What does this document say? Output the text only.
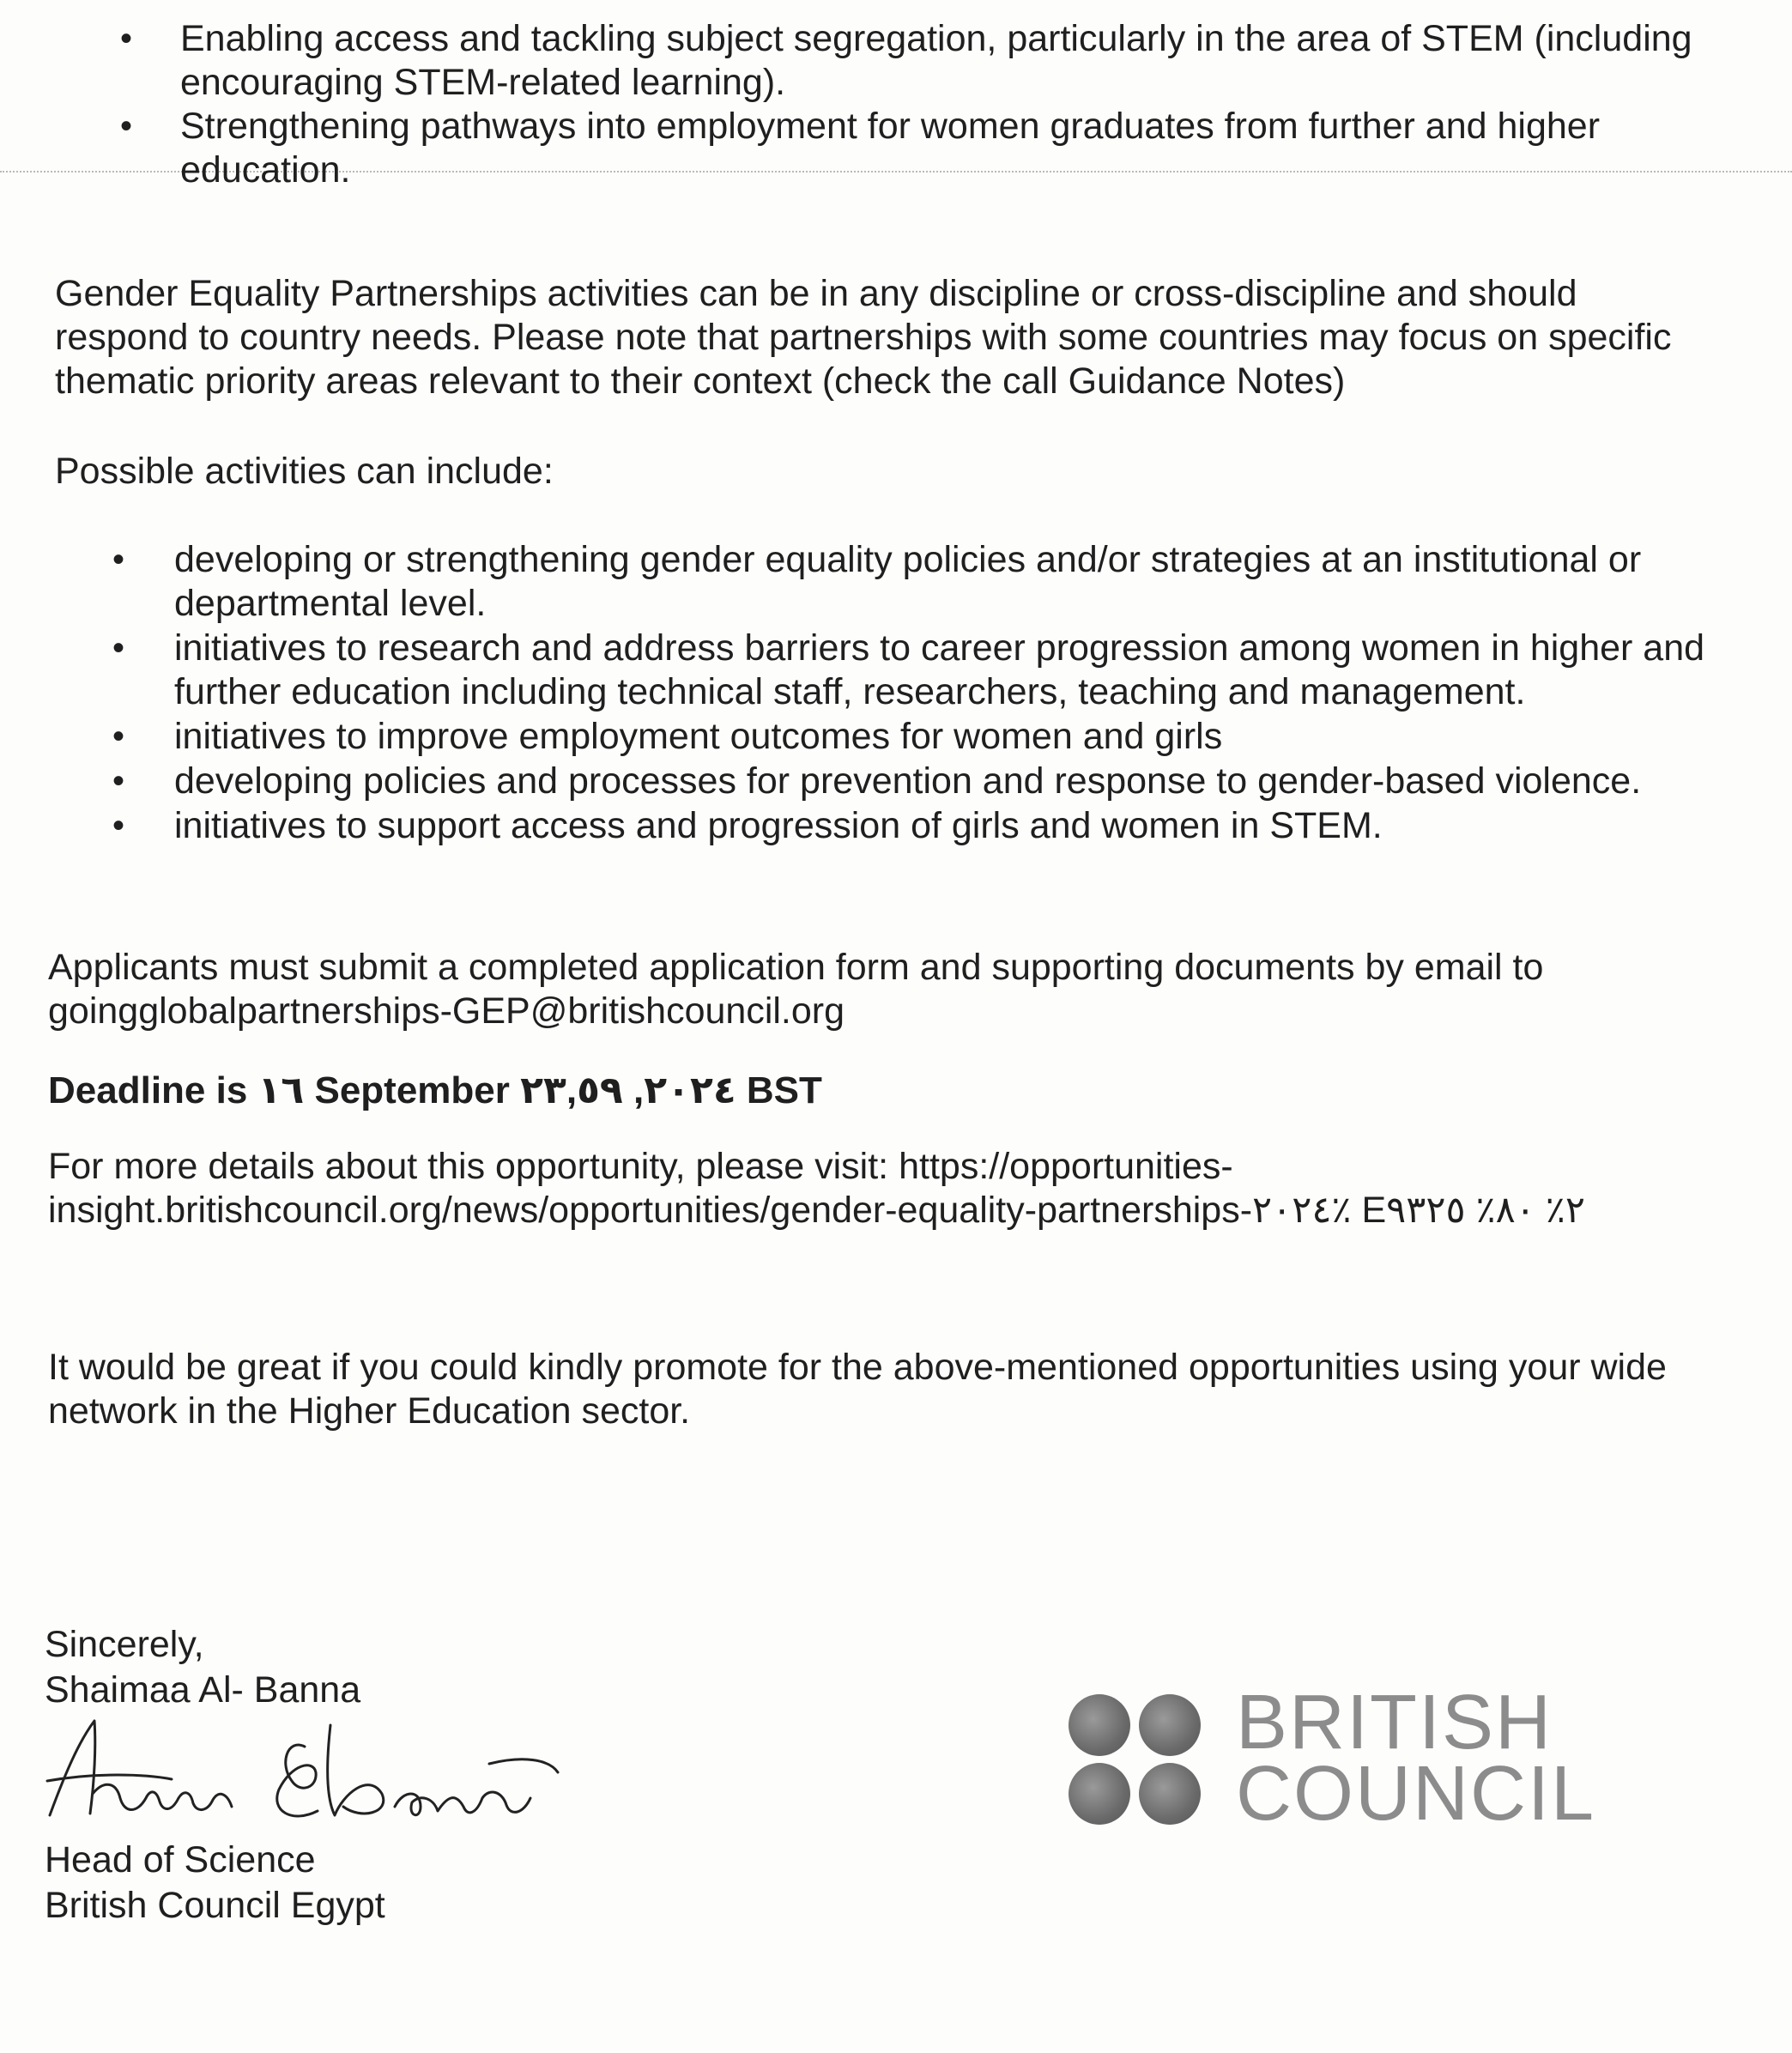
• Enabling access and tackling subject segregation, particularly in the area of STEM (including encouraging STEM-related learning).
• Strengthening pathways into employment for women graduates from further and higher education.

Gender Equality Partnerships activities can be in any discipline or cross-discipline and should respond to country needs. Please note that partnerships with some countries may focus on specific thematic priority areas relevant to their context (check the call Guidance Notes)

Possible activities can include:

• developing or strengthening gender equality policies and/or strategies at an institutional or departmental level.
• initiatives to research and address barriers to career progression among women in higher and further education including technical staff, researchers, teaching and management.
• initiatives to improve employment outcomes for women and girls
• developing policies and processes for prevention and response to gender-based violence.
• initiatives to support access and progression of girls and women in STEM.

Applicants must submit a completed application form and supporting documents by email to
goingglobalpartnerships-GEP@britishcouncil.org

Deadline is ١٦ September ٢٠٢٤, ٢٣,٥٩ BST

For more details about this opportunity, please visit: https://opportunities-insight.britishcouncil.org/news/opportunities/gender-equality-partnerships-٢٠٢٤٪ E٢٪ ٨٠٪ ٩٣٢٥

It would be great if you could kindly promote for the above-mentioned opportunities using your wide network in the Higher Education sector.

Sincerely,
Shaimaa Al- Banna
Head of Science
British Council Egypt
BRITISH
COUNCIL
